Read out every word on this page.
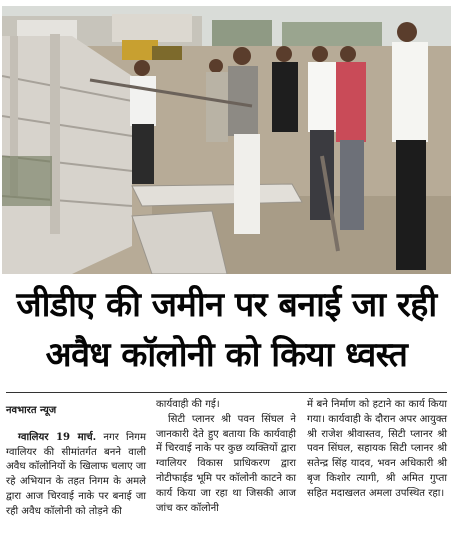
जीडीए की जमीन पर बनाई जा रही
अवैध कॉलोनी को किया ध्वस्त

नवभारत न्यूज

ग्वालियर 19 मार्च. नगर निगम ग्वालियर की सीमांतर्गत बनने वाली अवैध कॉलोनियों के खिलाफ चलाए जा रहे अभियान के तहत निगम के अमले द्वारा आज चिरवाई नाके पर बनाई जा रही अवैध कॉलोनी को तोड़ने की

कार्यवाही की गई।

सिटी प्लानर श्री पवन सिंघल ने जानकारी देते हुए बताया कि कार्यवाही में चिरवाई नाके पर कुछ व्यक्तियों द्वारा ग्वालियर विकास प्राधिकरण द्वारा नोटीफाईड भूमि पर कॉलोनी काटने का कार्य किया जा रहा था जिसकी आज जांच कर कॉलोनी

में बने निर्माण को हटाने का कार्य किया गया। कार्यवाही के दौरान अपर आयुक्त श्री राजेश श्रीवास्तव, सिटी प्लानर श्री पवन सिंघल, सहायक सिटी प्लानर श्री सतेन्द्र सिंह यादव, भवन अधिकारी श्री बृज किशोर त्यागी, श्री अमित गुप्ता सहित मदाखलत अमला उपस्थित रहा।
